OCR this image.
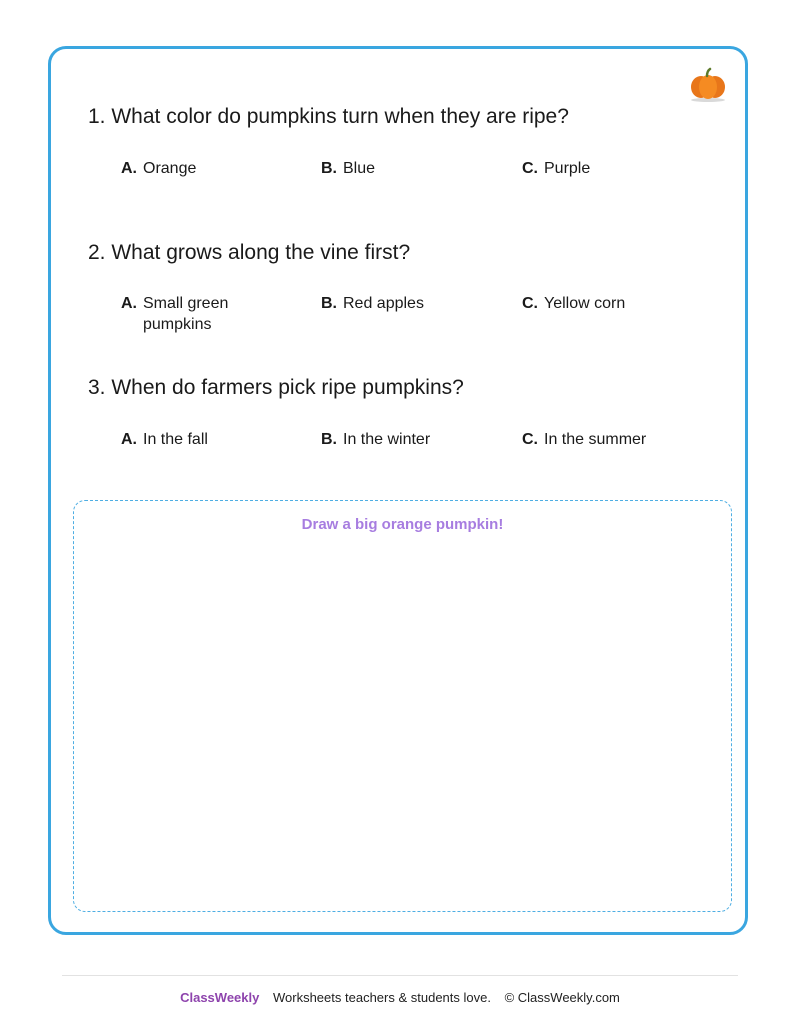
1. What color do pumpkins turn when they are ripe?
A. Orange	B. Blue	C. Purple
2. What grows along the vine first?
A. Small green pumpkins
B. Red apples	C. Yellow corn
3. When do farmers pick ripe pumpkins?
A. In the fall	B. In the winter	C. In the summer
Draw a big orange pumpkin!
ClassWeekly Worksheets teachers & students love. © ClassWeekly.com
